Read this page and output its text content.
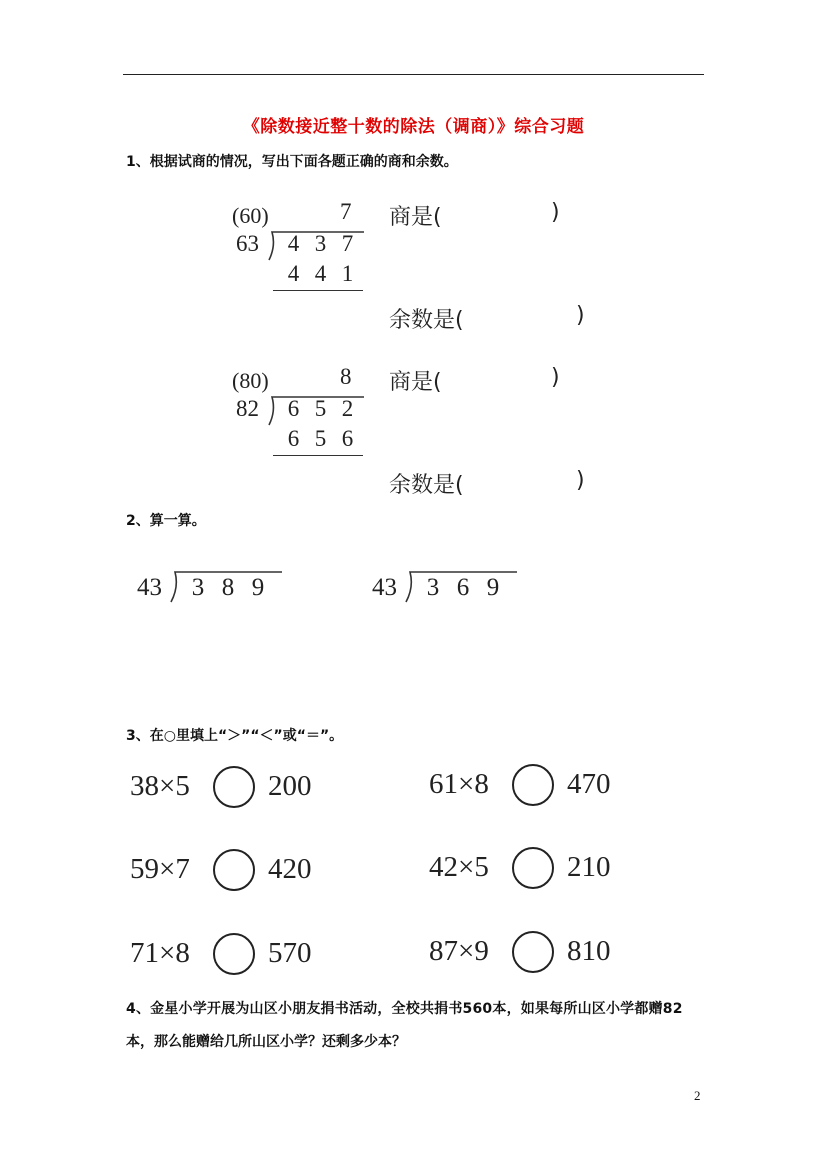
《除数接近整十数的除法（调商）》综合习题
1、根据试商的情况，写出下面各题正确的商和余数。
(60)	7
63	4 3 7
4 4 1
商是(	)
余数是(	)
(80)	8
82	6 5 2
6 5 6
商是(	)
余数是(	)
2、算一算。
43	3 8 9	43	3 6 9
3、在○里填上“＞”“＜”或“＝”。
38×5	200	61×8	470
59×7	420	42×5	210
71×8	570	87×9	810
4、金星小学开展为山区小朋友捐书活动，全校共捐书560本，如果每所山区小学都赠82
本，那么能赠给几所山区小学？还剩多少本？
2
